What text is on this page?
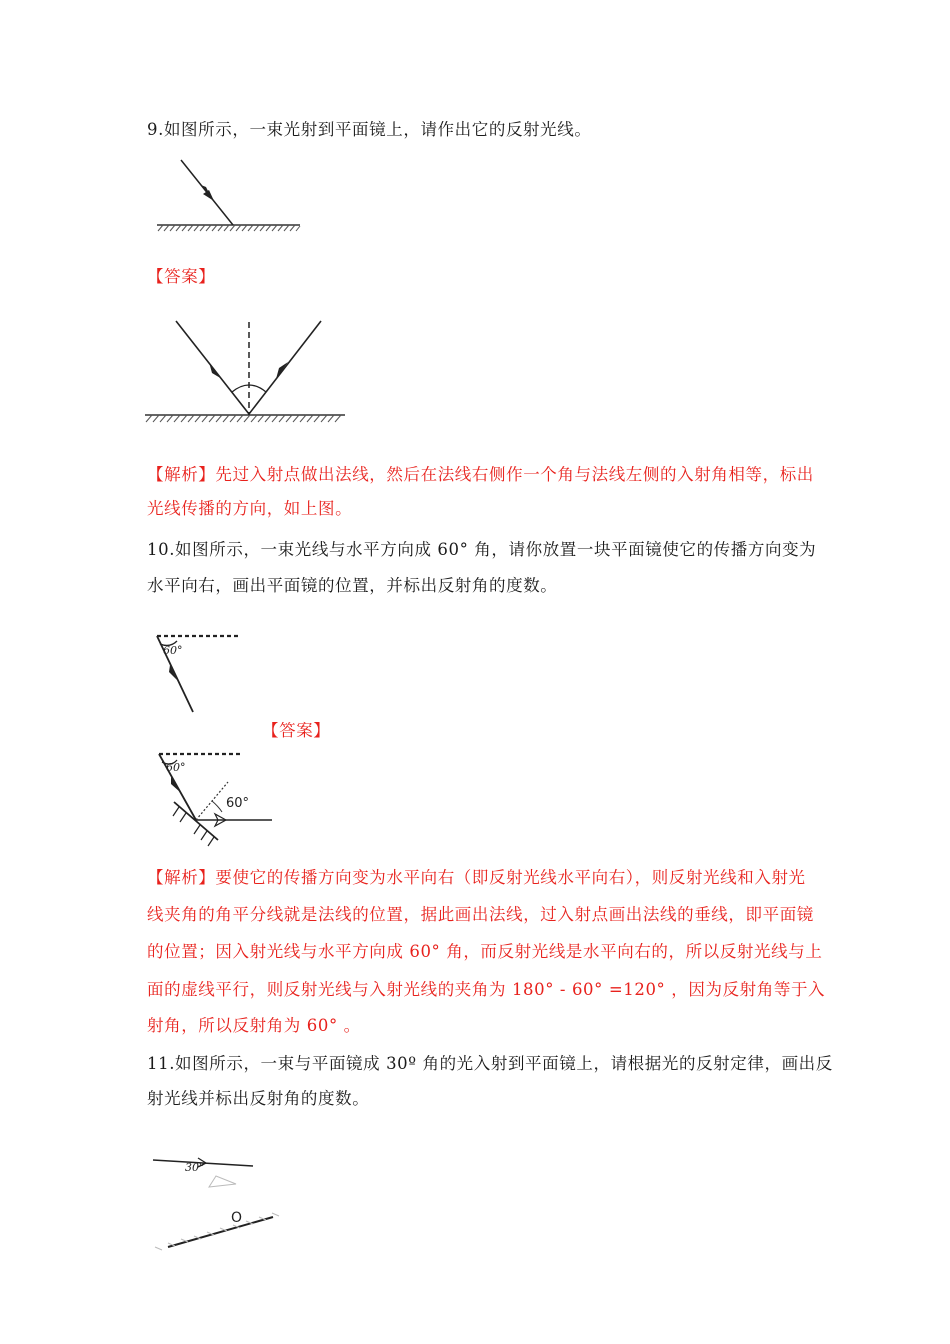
9.如图所示，一束光射到平面镜上，请作出它的反射光线。
【答案】
【解析】先过入射点做出法线，然后在法线右侧作一个角与法线左侧的入射角相等，标出
光线传播的方向，如上图。
10.如图所示，一束光线与水平方向成 60° 角，请你放置一块平面镜使它的传播方向变为
水平向右，画出平面镜的位置，并标出反射角的度数。
60°
【答案】
60°
60°
【解析】要使它的传播方向变为水平向右（即反射光线水平向右），则反射光线和入射光
线夹角的角平分线就是法线的位置，据此画出法线，过入射点画出法线的垂线，即平面镜
的位置；因入射光线与水平方向成 60° 角，而反射光线是水平向右的，所以反射光线与上
面的虚线平行，则反射光线与入射光线的夹角为 180° - 60° =120° ，因为反射角等于入
射角，所以反射角为 60° 。
11.如图所示，一束与平面镜成 30º 角的光入射到平面镜上，请根据光的反射定律，画出反
射光线并标出反射角的度数。
30°
O
